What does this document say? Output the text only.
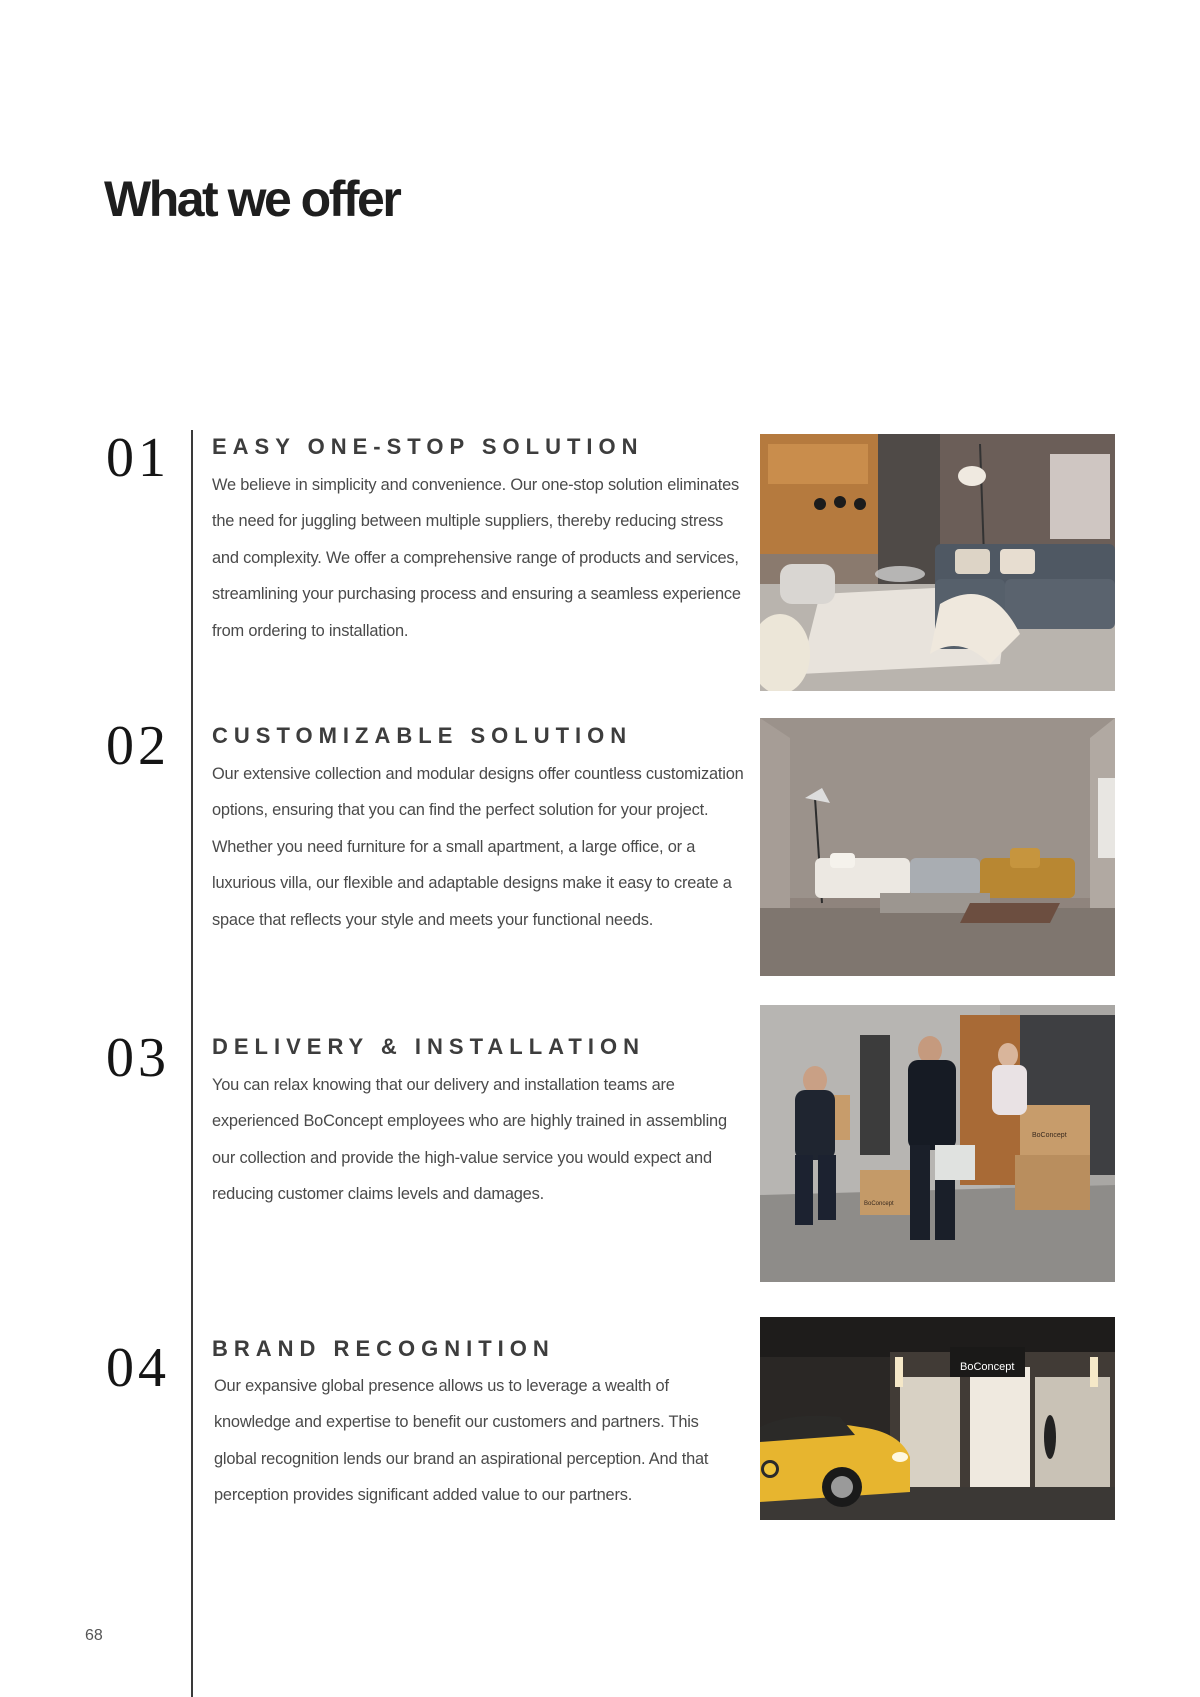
What we offer
01 EASY ONE-STOP SOLUTION
We believe in simplicity and convenience. Our one-stop solution eliminates
the need for juggling between multiple suppliers, thereby reducing stress
and complexity. We offer a comprehensive range of products and services,
streamlining your purchasing process and ensuring a seamless experience
from ordering to installation.
02 CUSTOMIZABLE SOLUTION
Our extensive collection and modular designs offer countless customization
options, ensuring that you can find the perfect solution for your project.
Whether you need furniture for a small apartment, a large office, or a
luxurious villa, our flexible and adaptable designs make it easy to create a
space that reflects your style and meets your functional needs.
03 DELIVERY & INSTALLATION
You can relax knowing that our delivery and installation teams are
experienced BoConcept employees who are highly trained in assembling
our collection and provide the high-value service you would expect and
reducing customer claims levels and damages.
BoConcept
BoConcept
04 BRAND RECOGNITION
Our expansive global presence allows us to leverage a wealth of
knowledge and expertise to benefit our customers and partners. This
global recognition lends our brand an aspirational perception. And that
perception provides significant added value to our partners.
BoConcept
68
